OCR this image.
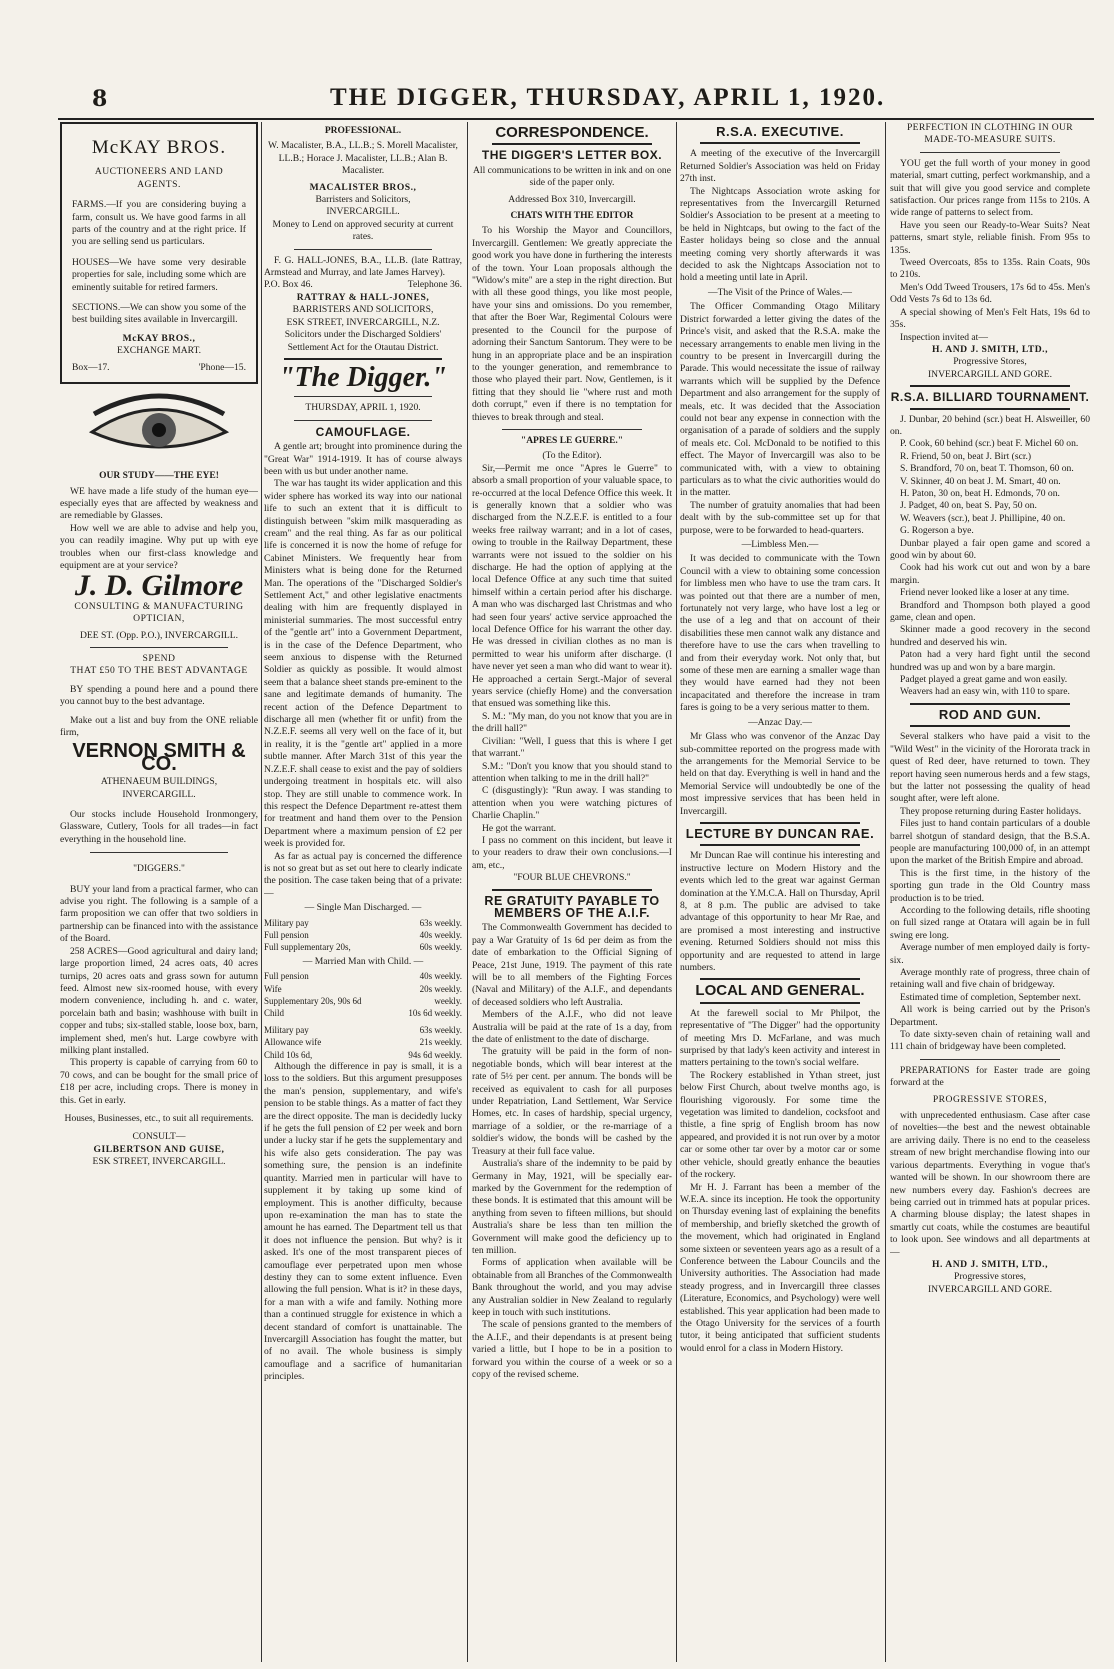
8	THE DIGGER, THURSDAY, APRIL 1, 1920.
McKAY BROS.
AUCTIONEERS AND LAND AGENTS.

FARMS.—If you are considering buying a farm, consult us. We have good farms in all parts of the country and at the right price. If you are selling send us particulars.

HOUSES—We have some very desirable properties for sale, including some which are eminently suitable for retired farmers.

SECTIONS.—We can show you some of the best building sites available in Invercargill.

McKAY BROS.,
EXCHANGE MART.
Box—17.	'Phone—15.
OUR STUDY——THE EYE!

WE have made a life study of the human eye—especially eyes that are affected by weakness and are remediable by Glasses.

How well we are able to advise and help you, you can readily imagine. Why put up with eye troubles when our first-class knowledge and equipment are at your service?

J. D. Gilmore
CONSULTING & MANUFACTURING OPTICIAN,
DEE ST. (Opp. P.O.), INVERCARGILL.
SPEND
THAT £50 TO THE BEST ADVANTAGE

BY spending a pound here and a pound there you cannot buy to the best advantage.

Make out a list and buy from the ONE reliable firm,

VERNON SMITH & CO.
ATHENAEUM BUILDINGS,
INVERCARGILL.

Our stocks include Household Ironmongery, Glassware, Cutlery, Tools for all trades—in fact everything in the household line.

"DIGGERS."

BUY your land from a practical farmer, who can advise you right. The following is a sample of a farm proposition we can offer that two soldiers in partnership can be financed into with the assistance of the Board.

258 ACRES—Good agricultural and dairy land; large proportion limed, 24 acres oats, 40 acres turnips, 20 acres oats and grass sown for autumn feed. Almost new six-roomed house, with every modern convenience, including h. and c. water, porcelain bath and basin; washhouse with built in copper and tubs; six-stalled stable, loose box, barn, implement shed, men's hut. Large cowbyre with milking plant installed.

This property is capable of carrying from 60 to 70 cows, and can be bought for the small price of £18 per acre, including crops. There is money in this. Get in early.

Houses, Businesses, etc., to suit all requirements.
CONSULT—
GILBERTSON AND GUISE,
ESK STREET, INVERCARGILL.
PROFESSIONAL.

W. Macalister, B.A., LL.B.; S. Morell Macalister, LL.B.; Horace J. Macalister, LL.B.; Alan B. Macalister.

MACALISTER BROS.,
Barristers and Solicitors,
INVERCARGILL.
Money to Lend on approved security at current rates.

F. G. HALL-JONES, B.A., LL.B. (late Rattray, Armstead and Murray, and late James Harvey).

P.O. Box 46.	Telephone 36.
RATTRAY & HALL-JONES,
BARRISTERS AND SOLICITORS,
ESK STREET, INVERCARGILL, N.Z.
Solicitors under the Discharged Soldiers' Settlement Act for the Otautau District.
"The Digger."
THURSDAY, APRIL 1, 1920.
CAMOUFLAGE.

A gentle art; brought into prominence during the "Great War" 1914-1919. It has of course always been with us but under another name.

The war has taught its wider application and this wider sphere has worked its way into our national life to such an extent that it is difficult to distinguish between "skim milk masquerading as cream" and the real thing. As far as our political life is concerned it is now the home of refuge for Cabinet Ministers. We frequently hear from Ministers what is being done for the Returned Man. The operations of the "Discharged Soldier's Settlement Act," and other legislative enactments dealing with him are frequently displayed in ministerial summaries. The most successful entry of the "gentle art" into a Government Department, is in the case of the Defence Department, who seem anxious to dispense with the Returned Soldier as quickly as possible. It would almost seem that a balance sheet stands pre-eminent to the sane and legitimate demands of humanity. The recent action of the Defence Department to discharge all men (whether fit or unfit) from the N.Z.E.F. seems all very well on the face of it, but in reality, it is the "gentle art" applied in a more subtle manner. After March 31st of this year the N.Z.E.F. shall cease to exist and the pay of soldiers undergoing treatment in hospitals etc. will also stop. They are still unable to commence work. In this respect the Defence Department re-attest them for treatment and hand them over to the Pension Department where a maximum pension of £2 per week is provided for.

As far as actual pay is concerned the difference is not so great but as set out here to clearly indicate the position. The case taken being that of a private:—

— Single Man Discharged. —
Military pay	63s weekly.
Full pension	40s weekly.
Full supplementary 20s,	60s weekly.
— Married Man with Child. —
Full pension	40s weekly.
Wife	20s weekly.
Supplementary 20s, 90s 6d	weekly.
Child	10s 6d weekly.
Military pay	63s weekly.
Allowance wife	21s weekly.
Child 10s 6d,	94s 6d weekly.

Although the difference in pay is small, it is a loss to the soldiers. But this argument presupposes the man's pension, supplementary, and wife's pension to be stable things. As a matter of fact they are the direct opposite. The man is decidedly lucky if he gets the full pension of £2 per week and born under a lucky star if he gets the supplementary and his wife also gets consideration. The pay was something sure, the pension is an indefinite quantity. Married men in particular will have to supplement it by taking up some kind of employment. This is another difficulty, because upon re-examination the man has to state the amount he has earned. The Department tell us that it does not influence the pension. But why? is it asked. It's one of the most transparent pieces of camouflage ever perpetrated upon men whose destiny they can to some extent influence. Even allowing the full pension. What is it? in these days, for a man with a wife and family. Nothing more than a continued struggle for existence in which a decent standard of comfort is unattainable. The Invercargill Association has fought the matter, but of no avail. The whole business is simply camouflage and a sacrifice of humanitarian principles.

CORRESPONDENCE.
THE DIGGER'S LETTER BOX.
All communications to be written in ink and on one side of the paper only.
Addressed Box 310, Invercargill.
CHATS WITH THE EDITOR

To his Worship the Mayor and Councillors, Invercargill. Gentlemen: We greatly appreciate the good work you have done in furthering the interests of the town. Your Loan proposals although the "Widow's mite" are a step in the right direction. But with all these good things, you like most people, have your sins and omissions. Do you remember, that after the Boer War, Regimental Colours were presented to the Council for the purpose of adorning their Sanctum Santorum. They were to be hung in an appropriate place and be an inspiration to the younger generation, and remembrance to those who played their part. Now, Gentlemen, is it fitting that they should lie "where rust and moth doth corrupt," even if there is no temptation for thieves to break through and steal.

"APRES LE GUERRE."
(To the Editor).

Sir,—Permit me once "Apres le Guerre" to absorb a small proportion of your valuable space, to re-occurred at the local Defence Office this week. It is generally known that a soldier who was discharged from the N.Z.E.F. is entitled to a four weeks free railway warrant; and in a lot of cases, owing to trouble in the Railway Department, these warrants were not issued to the soldier on his discharge. He had the option of applying at the local Defence Office at any such time that suited himself within a certain period after his discharge. A man who was discharged last Christmas and who had seen four years' active service approached the local Defence Office for his warrant the other day. He was dressed in civilian clothes as no man is permitted to wear his uniform after discharge. (I have never yet seen a man who did want to wear it). He approached a certain Sergt.-Major of several years service (chiefly Home) and the conversation that ensued was something like this.

S. M.: "My man, do you not know that you are in the drill hall?"

Civilian: "Well, I guess that this is where I get that warrant."

S.M.: "Don't you know that you should stand to attention when talking to me in the drill hall?"

C (disgustingly): "Run away. I was standing to attention when you were watching pictures of Charlie Chaplin."

He got the warrant.

I pass no comment on this incident, but leave it to your readers to draw their own conclusions.—I am, etc.,

"FOUR BLUE CHEVRONS."
RE GRATUITY PAYABLE TO MEMBERS OF THE A.I.F.

The Commonwealth Government has decided to pay a War Gratuity of 1s 6d per deim as from the date of embarkation to the Official Signing of Peace, 21st June, 1919. The payment of this rate will be to all members of the Fighting Forces (Naval and Military) of the A.I.F., and dependants of deceased soldiers who left Australia.

Members of the A.I.F., who did not leave Australia will be paid at the rate of 1s a day, from the date of enlistment to the date of discharge.

The gratuity will be paid in the form of non-negotiable bonds, which will bear interest at the rate of 5½ per cent. per annum. The bonds will be received as equivalent to cash for all purposes under Repatriation, Land Settlement, War Service Homes, etc. In cases of hardship, special urgency, marriage of a soldier, or the re-marriage of a soldier's widow, the bonds will be cashed by the Treasury at their full face value.

Australia's share of the indemnity to be paid by Germany in May, 1921, will be specially ear-marked by the Government for the redemption of these bonds. It is estimated that this amount will be anything from seven to fifteen millions, but should Australia's share be less than ten million the Government will make good the deficiency up to ten million.

Forms of application when available will be obtainable from all Branches of the Commonwealth Bank throughout the world, and you may advise any Australian soldier in New Zealand to regularly keep in touch with such institutions.

The scale of pensions granted to the members of the A.I.F., and their dependants is at present being varied a little, but I hope to be in a position to forward you within the course of a week or so a copy of the revised scheme.

R.S.A. EXECUTIVE.

A meeting of the executive of the Invercargill Returned Soldier's Association was held on Friday 27th inst.

The Nightcaps Association wrote asking for representatives from the Invercargill Returned Soldier's Association to be present at a meeting to be held in Nightcaps, but owing to the fact of the Easter holidays being so close and the annual meeting coming very shortly afterwards it was decided to ask the Nightcaps Association not to hold a meeting until late in April.

—The Visit of the Prince of Wales.—

The Officer Commanding Otago Military District forwarded a letter giving the dates of the Prince's visit, and asked that the R.S.A. make the necessary arrangements to enable men living in the country to be present in Invercargill during the Parade. This would necessitate the issue of railway warrants which will be supplied by the Defence Department and also arrangement for the supply of meals, etc. It was decided that the Association could not bear any expense in connection with the organisation of a parade of soldiers and the supply of meals etc. Col. McDonald to be notified to this effect. The Mayor of Invercargill was also to be communicated with, with a view to obtaining particulars as to what the civic authorities would do in the matter.

The number of gratuity anomalies that had been dealt with by the sub-committee set up for that purpose, were to be forwarded to head-quarters.

—Limbless Men.—

It was decided to communicate with the Town Council with a view to obtaining some concession for limbless men who have to use the tram cars. It was pointed out that there are a number of men, fortunately not very large, who have lost a leg or the use of a leg and that on account of their disabilities these men cannot walk any distance and therefore have to use the cars when travelling to and from their everyday work. Not only that, but some of these men are earning a smaller wage than they would have earned had they not been incapacitated and therefore the increase in tram fares is going to be a very serious matter to them.

—Anzac Day.—

Mr Glass who was convenor of the Anzac Day sub-committee reported on the progress made with the arrangements for the Memorial Service to be held on that day. Everything is well in hand and the Memorial Service will undoubtedly be one of the most impressive services that has been held in Invercargill.

LECTURE BY DUNCAN RAE.

Mr Duncan Rae will continue his interesting and instructive lecture on Modern History and the events which led to the great war against German domination at the Y.M.C.A. Hall on Thursday, April 8, at 8 p.m. The public are advised to take advantage of this opportunity to hear Mr Rae, and are promised a most interesting and instructive evening. Returned Soldiers should not miss this opportunity and are requested to attend in large numbers.

LOCAL AND GENERAL.

At the farewell social to Mr Philpot, the representative of "The Digger" had the opportunity of meeting Mrs D. McFarlane, and was much surprised by that lady's keen activity and interest in matters pertaining to the town's social welfare.

The Rockery established in Ythan street, just below First Church, about twelve months ago, is flourishing vigorously. For some time the vegetation was limited to dandelion, cocksfoot and thistle, a fine sprig of English broom has now appeared, and provided it is not run over by a motor car or some other tar over by a motor car or some other vehicle, should greatly enhance the beauties of the rockery.

Mr H. J. Farrant has been a member of the W.E.A. since its inception. He took the opportunity on Thursday evening last of explaining the benefits of membership, and briefly sketched the growth of the movement, which had originated in England some sixteen or seventeen years ago as a result of a Conference between the Labour Councils and the University authorities. The Association had made steady progress, and in Invercargill three classes (Literature, Economics, and Psychology) were well established. This year application had been made to the Otago University for the services of a fourth tutor, it being anticipated that sufficient students would enrol for a class in Modern History.

PERFECTION IN CLOTHING IN OUR MADE-TO-MEASURE SUITS.

YOU get the full worth of your money in good material, smart cutting, perfect workmanship, and a suit that will give you good service and complete satisfaction. Our prices range from 115s to 210s. A wide range of patterns to select from.

Have you seen our Ready-to-Wear Suits? Neat patterns, smart style, reliable finish. From 95s to 135s.

Tweed Overcoats, 85s to 135s. Rain Coats, 90s to 210s.

Men's Odd Tweed Trousers, 17s 6d to 45s. Men's Odd Vests 7s 6d to 13s 6d.

A special showing of Men's Felt Hats, 19s 6d to 35s.

Inspection invited at—

H. AND J. SMITH, LTD.,
Progressive Stores,
INVERCARGILL AND GORE.
R.S.A. BILLIARD TOURNAMENT.

J. Dunbar, 20 behind (scr.) beat H. Alsweiller, 60 on.

P. Cook, 60 behind (scr.) beat F. Michel 60 on.

R. Friend, 50 on, beat J. Birt (scr.)

S. Brandford, 70 on, beat T. Thomson, 60 on.

V. Skinner, 40 on beat J. M. Smart, 40 on.

H. Paton, 30 on, beat H. Edmonds, 70 on.

J. Padget, 40 on, beat S. Pay, 50 on.

W. Weavers (scr.), beat J. Phillipine, 40 on.

G. Rogerson a bye.

Dunbar played a fair open game and scored a good win by about 60.

Cook had his work cut out and won by a bare margin.

Friend never looked like a loser at any time.

Brandford and Thompson both played a good game, clean and open.

Skinner made a good recovery in the second hundred and deserved his win.

Paton had a very hard fight until the second hundred was up and won by a bare margin.

Padget played a great game and won easily.

Weavers had an easy win, with 110 to spare.

ROD AND GUN.

Several stalkers who have paid a visit to the "Wild West" in the vicinity of the Hororata track in quest of Red deer, have returned to town. They report having seen numerous herds and a few stags, but the latter not possessing the quality of head sought after, were left alone.

They propose returning during Easter holidays.

Files just to hand contain particulars of a double barrel shotgun of standard design, that the B.S.A. people are manufacturing 100,000 of, in an attempt upon the market of the British Empire and abroad.

This is the first time, in the history of the sporting gun trade in the Old Country mass production is to be tried.

According to the following details, rifle shooting on full sized range at Otatara will again be in full swing ere long.

Average number of men employed daily is forty-six.

Average monthly rate of progress, three chain of retaining wall and five chain of bridgeway.

Estimated time of completion, September next.

All work is being carried out by the Prison's Department.

To date sixty-seven chain of retaining wall and 111 chain of bridgeway have been completed.

PREPARATIONS for Easter trade are going forward at the

PROGRESSIVE STORES,

with unprecedented enthusiasm. Case after case of novelties—the best and the newest obtainable are arriving daily. There is no end to the ceaseless stream of new bright merchandise flowing into our various departments. Everything in vogue that's wanted will be shown. In our showroom there are new numbers every day. Fashion's decrees are being carried out in trimmed hats at popular prices. A charming blouse display; the latest shapes in smartly cut coats, while the costumes are beautiful to look upon. See windows and all departments at—

H. AND J. SMITH, LTD.,
Progressive stores,
INVERCARGILL AND GORE.
